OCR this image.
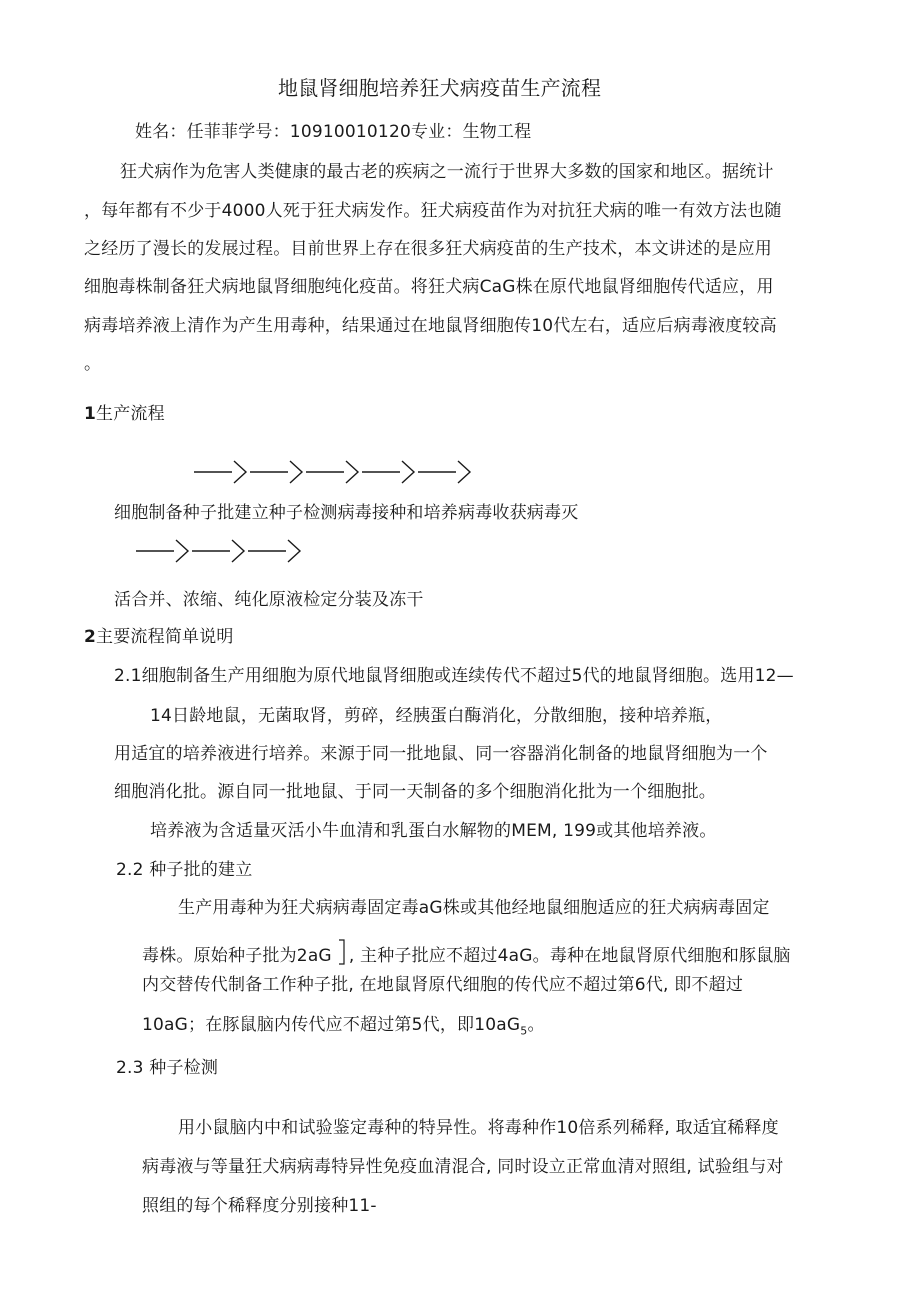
地鼠肾细胞培养狂犬病疫苗生产流程
姓名：任菲菲学号：10910010120专业：生物工程
狂犬病作为危害人类健康的最古老的疾病之一流行于世界大多数的国家和地区。据统计
，每年都有不少于4000人死于狂犬病发作。狂犬病疫苗作为对抗狂犬病的唯一有效方法也随
之经历了漫长的发展过程。目前世界上存在很多狂犬病疫苗的生产技术，本文讲述的是应用
细胞毒株制备狂犬病地鼠肾细胞纯化疫苗。将狂犬病CaG株在原代地鼠肾细胞传代适应，用
病毒培养液上清作为产生用毒种，结果通过在地鼠肾细胞传10代左右，适应后病毒液度较高
。
1生产流程
细胞制备种子批建立种子检测病毒接种和培养病毒收获病毒灭
活合并、浓缩、纯化原液检定分装及冻干
2主要流程简单说明
2.1细胞制备生产用细胞为原代地鼠肾细胞或连续传代不超过5代的地鼠肾细胞。选用12—
14日龄地鼠，无菌取肾，剪碎，经胰蛋白酶消化，分散细胞，接种培养瓶，
用适宜的培养液进行培养。来源于同一批地鼠、同一容器消化制备的地鼠肾细胞为一个
细胞消化批。源自同一批地鼠、于同一天制备的多个细胞消化批为一个细胞批。
培养液为含适量灭活小牛血清和乳蛋白水解物的MEM, 199或其他培养液。
2.2 种子批的建立
生产用毒种为狂犬病病毒固定毒aG株或其他经地鼠细胞适应的狂犬病病毒固定
毒株。原始种子批为2aG , 主种子批应不超过4aG。毒种在地鼠肾原代细胞和豚鼠脑
内交替传代制备工作种子批, 在地鼠肾原代细胞的传代应不超过第6代, 即不超过
10aG；在豚鼠脑内传代应不超过第5代，即$10aG_5$。
2.3 种子检测
用小鼠脑内中和试验鉴定毒种的特异性。将毒种作10倍系列稀释, 取适宜稀释度
病毒液与等量狂犬病病毒特异性免疫血清混合, 同时设立正常血清对照组, 试验组与对
照组的每个稀释度分别接种11-
